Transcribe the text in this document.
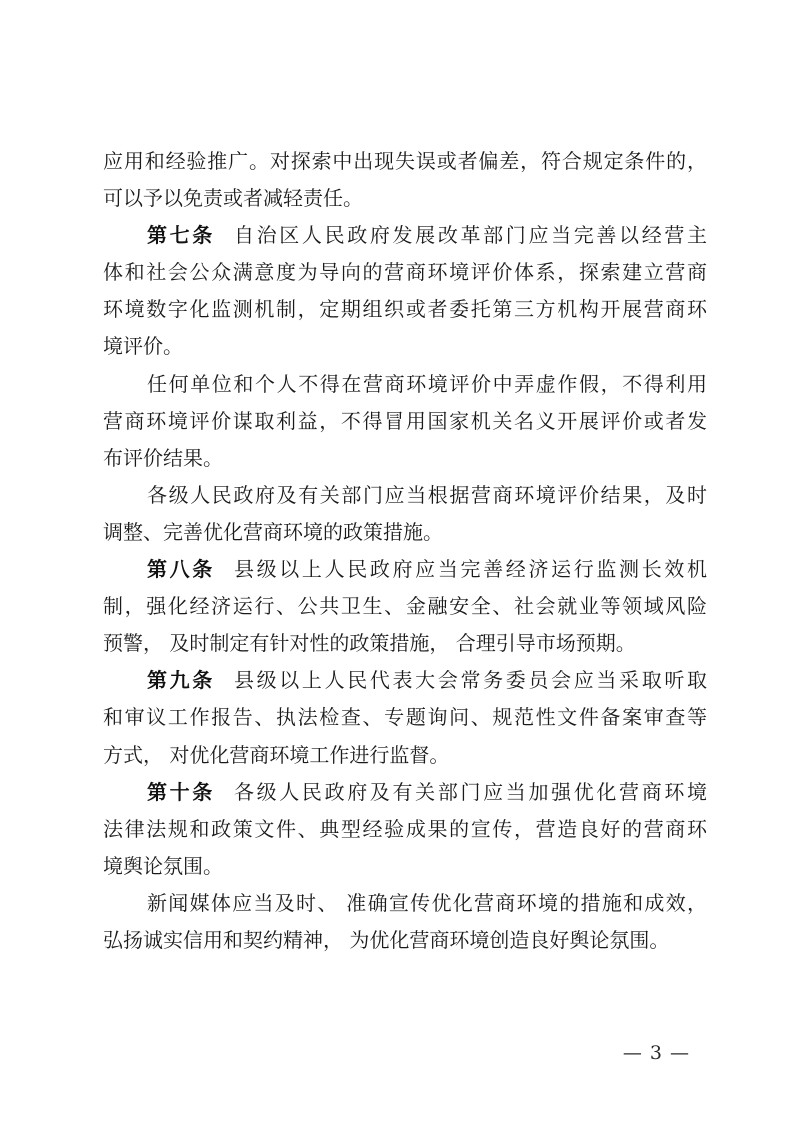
应用和经验推广。对探索中出现失误或者偏差，符合规定条件的，
可以予以免责或者减轻责任。
第七条 自治区人民政府发展改革部门应当完善以经营主
体和社会公众满意度为导向的营商环境评价体系，探索建立营商
环境数字化监测机制，定期组织或者委托第三方机构开展营商环
境评价。
任何单位和个人不得在营商环境评价中弄虚作假，不得利用
营商环境评价谋取利益，不得冒用国家机关名义开展评价或者发
布评价结果。
各级人民政府及有关部门应当根据营商环境评价结果，及时
调整、完善优化营商环境的政策措施。
第八条 县级以上人民政府应当完善经济运行监测长效机
制，强化经济运行、公共卫生、金融安全、社会就业等领域风险
预警， 及时制定有针对性的政策措施， 合理引导市场预期。
第九条 县级以上人民代表大会常务委员会应当采取听取
和审议工作报告、执法检查、专题询问、规范性文件备案审查等
方式， 对优化营商环境工作进行监督。
第十条 各级人民政府及有关部门应当加强优化营商环境
法律法规和政策文件、典型经验成果的宣传，营造良好的营商环
境舆论氛围。
新闻媒体应当及时、 准确宣传优化营商环境的措施和成效，
弘扬诚实信用和契约精神， 为优化营商环境创造良好舆论氛围。
— 3 —
